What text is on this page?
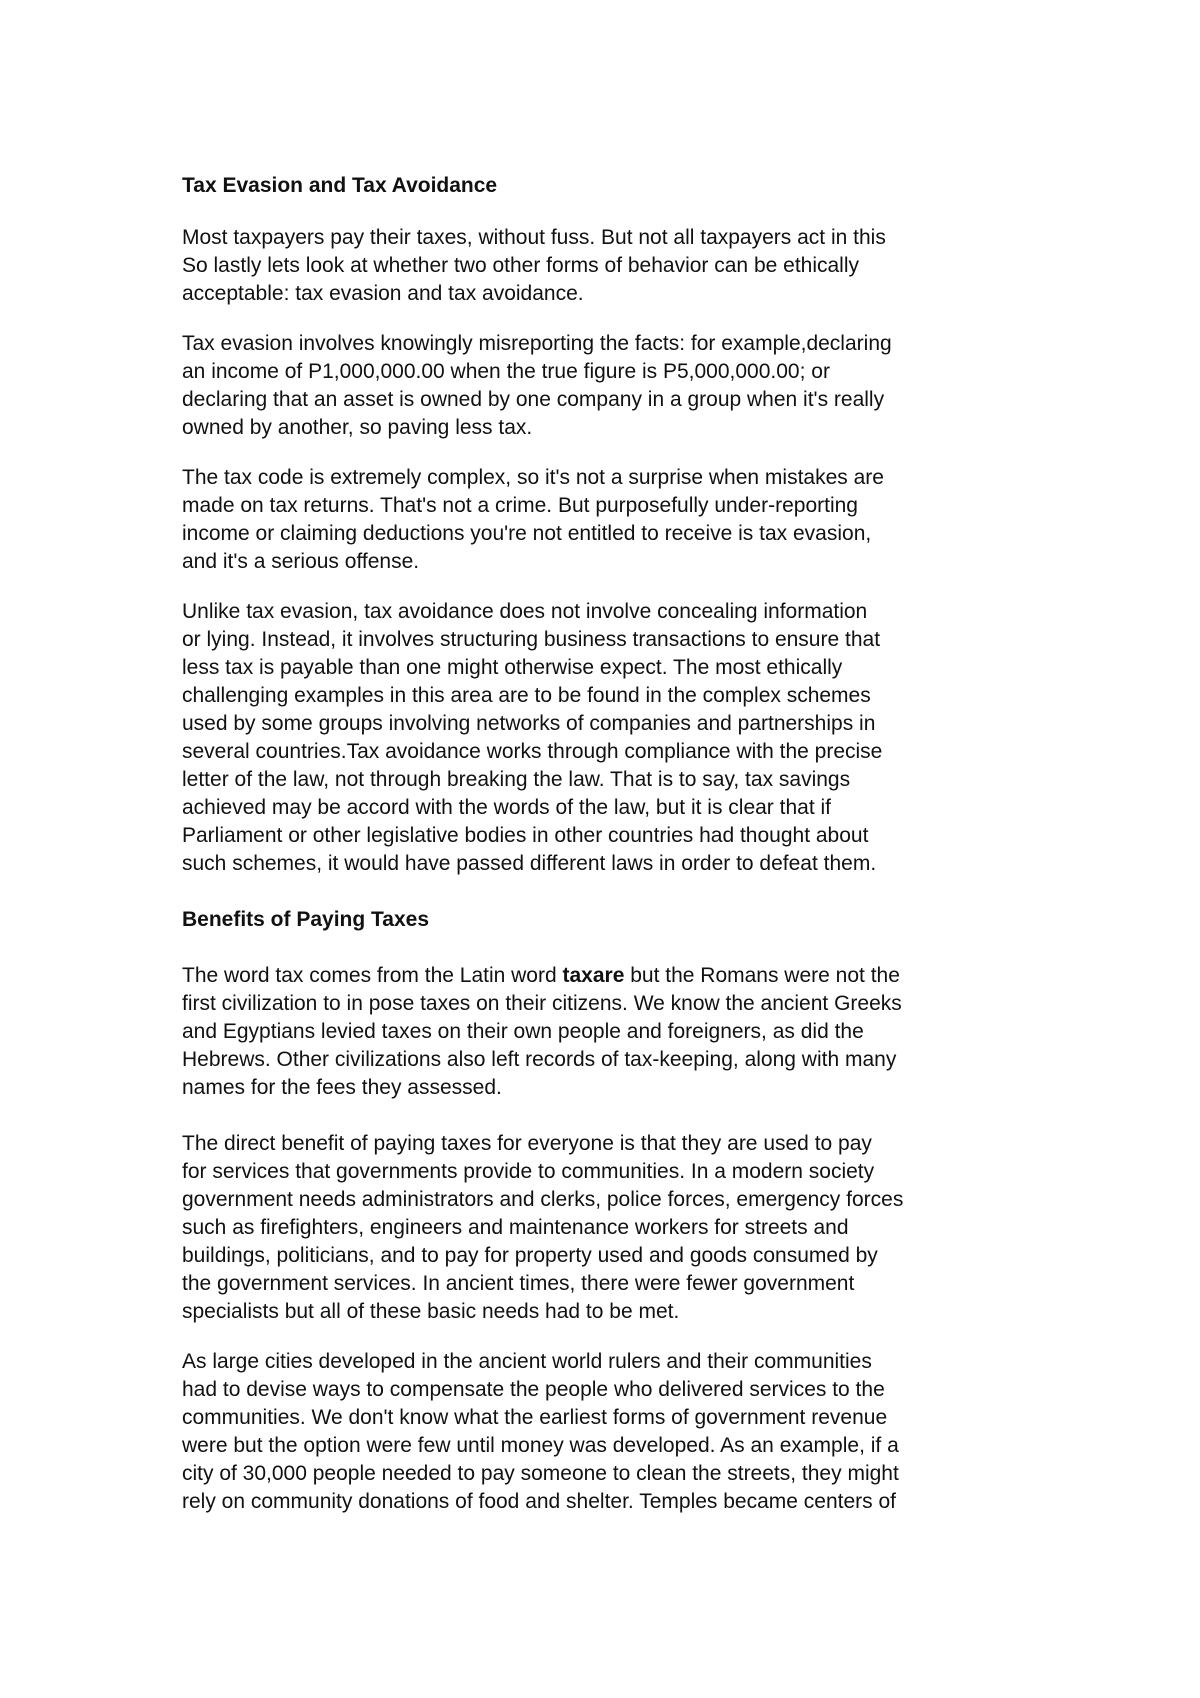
Tax Evasion and Tax Avoidance
Most taxpayers pay their taxes, without fuss. But not all taxpayers act in this
So lastly lets look at whether two other forms of behavior can be ethically
acceptable: tax evasion and tax avoidance.
Tax evasion involves knowingly misreporting the facts: for example,declaring
an income of P1,000,000.00 when the true figure is P5,000,000.00; or
declaring that an asset is owned by one company in a group when it's really
owned by another, so paving less tax.
The tax code is extremely complex, so it's not a surprise when mistakes are
made on tax returns. That's not a crime. But purposefully under-reporting
income or claiming deductions you're not entitled to receive is tax evasion,
and it's a serious offense.
Unlike tax evasion, tax avoidance does not involve concealing information
or lying. Instead, it involves structuring business transactions to ensure that
less tax is payable than one might otherwise expect. The most ethically
challenging examples in this area are to be found in the complex schemes
used by some groups involving networks of companies and partnerships in
several countries.Tax avoidance works through compliance with the precise
letter of the law, not through breaking the law. That is to say, tax savings
achieved may be accord with the words of the law, but it is clear that if
Parliament or other legislative bodies in other countries had thought about
such schemes, it would have passed different laws in order to defeat them.
Benefits of Paying Taxes
The word tax comes from the Latin word taxare but the Romans were not the
first civilization to in pose taxes on their citizens. We know the ancient Greeks
and Egyptians levied taxes on their own people and foreigners, as did the
Hebrews. Other civilizations also left records of tax-keeping, along with many
names for the fees they assessed.
The direct benefit of paying taxes for everyone is that they are used to pay
for services that governments provide to communities. In a modern society
government needs administrators and clerks, police forces, emergency forces
such as firefighters, engineers and maintenance workers for streets and
buildings, politicians, and to pay for property used and goods consumed by
the government services. In ancient times, there were fewer government
specialists but all of these basic needs had to be met.
As large cities developed in the ancient world rulers and their communities
had to devise ways to compensate the people who delivered services to the
communities. We don't know what the earliest forms of government revenue
were but the option were few until money was developed. As an example, if a
city of 30,000 people needed to pay someone to clean the streets, they might
rely on community donations of food and shelter. Temples became centers of
